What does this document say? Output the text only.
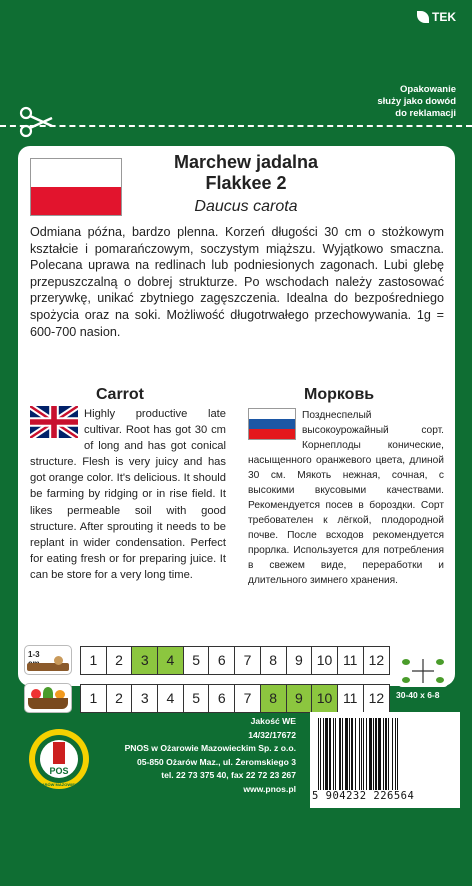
TEK
Opakowanie
służy jako dowód
do reklamacji
Marchew jadalna
Flakkee 2
Daucus carota
Odmiana późna, bardzo plenna. Korzeń długości 30 cm o stożkowym kształcie i pomarańczowym, soczystym miąższu. Wyjątkowo smaczna. Polecana uprawa na redlinach lub podniesionych zagonach. Lubi glebę przepuszczalną o dobrej strukturze. Po wschodach należy zastosować przerywkę, unikać zbytniego zagęszczenia. Idealna do bezpośredniego spożycia oraz na soki. Możliwość długotrwałego przechowywania. 1g = 600-700 nasion.
Carrot	Морковь
Highly productive late cultivar. Root has got 30 cm of long and has got conical structure. Flesh is very juicy and has got orange color. It's delicious. It should be farming by ridging or in rise field. It likes permeable soil with good structure. After sprouting it needs to be replant in wider condensation. Perfect for eating fresh or for preparing juice. It can be store for a very long time.
Позднеспелый высокоурожайный сорт. Корнеплоды конические, насыщенного оранжевого цвета, длиной 30 см. Мякоть нежная, сочная, с высокими вкусовыми качествами. Рекомендуется посев в бороздки. Сорт требователен к лёгкой, плодородной почве. После всходов рекомендуется прорлка. Используется для потребления в свежем виде, переработки и длительного зимнего хранения.
1-3	1	2	3	4	5	6	7	8	9	10 11 12
1	2	3	4	5	6	7	8	9	10 11 12	30-40 x 6-8
POS
OŻARÓW MAZOWIECKI
Jakość WE
14/32/17672
PNOS w Ożarowie Mazowieckim Sp. z o.o.
05-850 Ożarów Maz., ul. Żeromskiego 3
tel. 22 73 375 40, fax 22 72 23 267
www.pnos.pl
5 904232 226564
